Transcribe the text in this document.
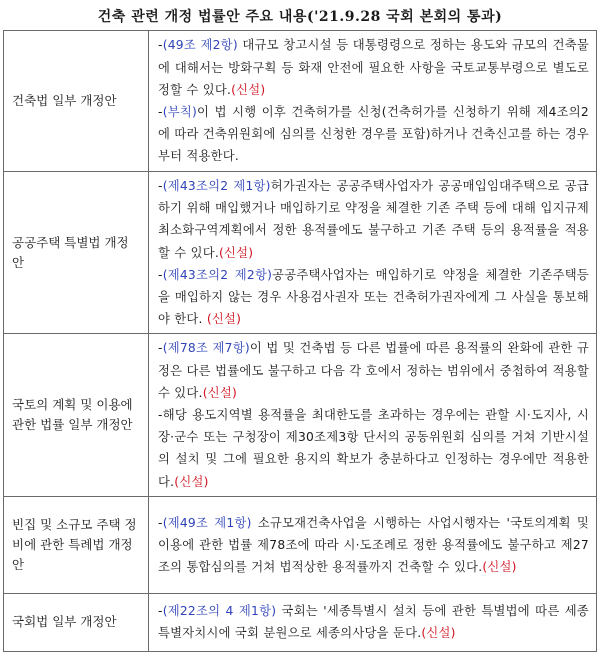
건축 관련 개정 법률안 주요 내용('21.9.28 국회 본회의 통과)
건축법 일부 개정안	-(49조 제2항) 대규모 창고시설 등 대통령령으로 정하는 용도와 규모의 건축물에 대해서는 방화구획 등 화재 안전에 필요한 사항을 국토교통부령으로 별도로 정할 수 있다.(신설)
-(부칙)이 법 시행 이후 건축허가를 신청(건축허가를 신청하기 위해 제4조의2에 따라 건축위원회에 심의를 신청한 경우를 포함)하거나 건축신고를 하는 경우부터 적용한다.

공공주택 특별법 개정안	-(제43조의2 제1항)허가권자는 공공주택사업자가 공공매입임대주택으로 공급하기 위해 매입했거나 매입하기로 약정을 체결한 기존 주택 등에 대해 입지규제최소화구역계획에서 정한 용적률에도 불구하고 기존 주택 등의 용적률을 적용할 수 있다.(신설)
-(제43조의2 제2항)공공주택사업자는 매입하기로 약정을 체결한 기존주택등을 매입하지 않는 경우 사용검사권자 또는 건축허가권자에게 그 사실을 통보해야 한다. (신설)

국토의 계획 및 이용에 관한 법률 일부 개정안	-(제78조 제7항)이 법 및 건축법 등 다른 법률에 따른 용적률의 완화에 관한 규정은 다른 법률에도 불구하고 다음 각 호에서 정하는 범위에서 중첩하여 적용할 수 있다.(신설)
-해당 용도지역별 용적률을 최대한도를 초과하는 경우에는 관할 시·도지사, 시장·군수 또는 구청장이 제30조제3항 단서의 공동위원회 심의를 거쳐 기반시설의 설치 및 그에 필요한 용지의 확보가 충분하다고 인정하는 경우에만 적용한다.(신설)

빈집 및 소규모 주택 정비에 관한 특례법 개정안	-(제49조 제1항) 소규모재건축사업을 시행하는 사업시행자는 '국토의계획 및 이용에 관한 법률 제78조에 따라 시·도조례로 정한 용적률에도 불구하고 제27조의 통합심의를 거쳐 법적상한 용적률까지 건축할 수 있다.(신설)

국회법 일부 개정안	-(제22조의 4 제1항) 국회는 '세종특별시 설치 등에 관한 특별법에 따른 세종특별자치시에 국회 분원으로 세종의사당을 둔다.(신설)
